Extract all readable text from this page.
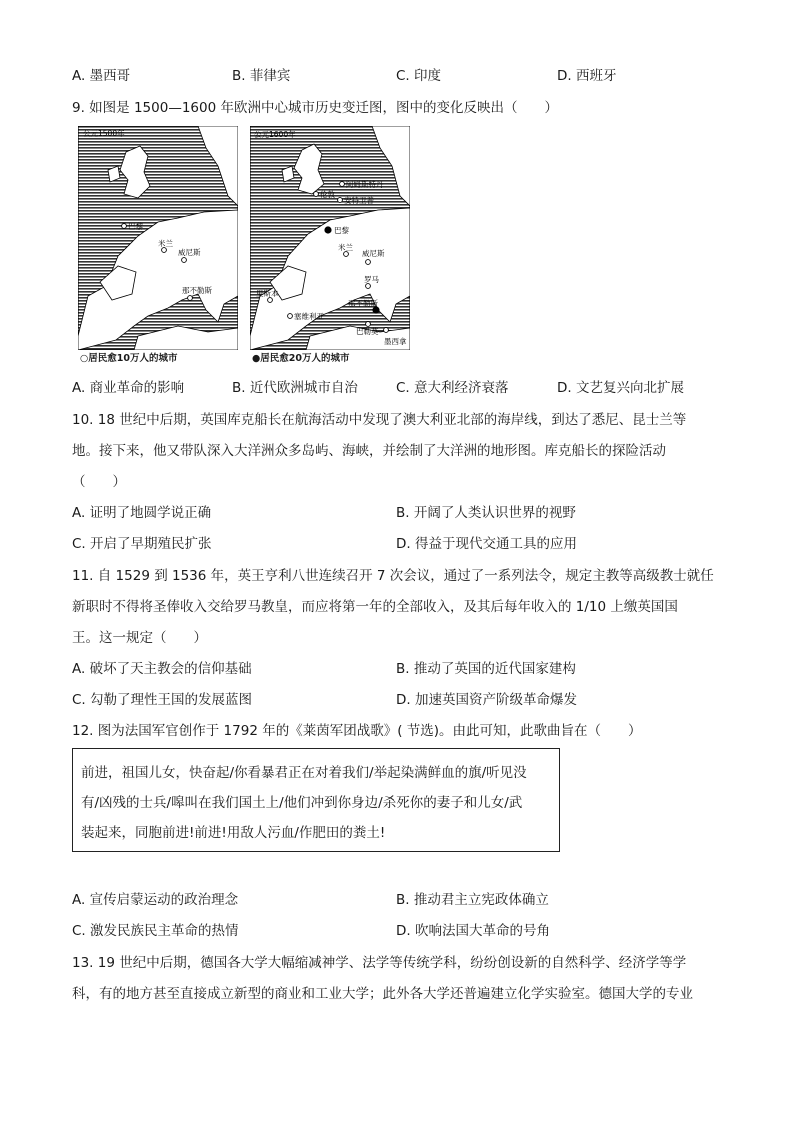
A. 墨西哥	B. 菲律宾	C. 印度	D. 西班牙
9. 如图是 1500—1600 年欧洲中心城市历史变迁图，图中的变化反映出（　　）
公元1500年
巴黎
米兰
威尼斯
那不勒斯
公元1600年
伦敦
阿姆斯特丹
安特卫普
巴黎
米兰
威尼斯
里斯本
塞维利亚
罗马
那不勒斯
巴勒莫
墨西拿
○居民愈10万人的城市	●居民愈20万人的城市
A. 商业革命的影响	B. 近代欧洲城市自治	C. 意大利经济衰落	D. 文艺复兴向北扩展
10. 18 世纪中后期，英国库克船长在航海活动中发现了澳大利亚北部的海岸线，到达了悉尼、昆士兰等
地。接下来，他又带队深入大洋洲众多岛屿、海峡，并绘制了大洋洲的地形图。库克船长的探险活动
（　　）
A. 证明了地圆学说正确	B. 开阔了人类认识世界的视野
C. 开启了早期殖民扩张	D. 得益于现代交通工具的应用
11. 自 1529 到 1536 年，英王亨利八世连续召开 7 次会议，通过了一系列法令，规定主教等高级教士就任
新职时不得将圣俸收入交给罗马教皇，而应将第一年的全部收入，及其后每年收入的 1/10 上缴英国国
王。这一规定（　　）
A. 破坏了天主教会的信仰基础	B. 推动了英国的近代国家建构
C. 勾勒了理性王国的发展蓝图	D. 加速英国资产阶级革命爆发
12. 图为法国军官创作于 1792 年的《莱茵军团战歌》( 节选)。由此可知，此歌曲旨在（　　）
前进，祖国儿女，快奋起/你看暴君正在对着我们/举起染满鲜血的旗/听见没
有/凶残的士兵/嗥叫在我们国土上/他们冲到你身边/杀死你的妻子和儿女/武
装起来，同胞前进!前进!用敌人污血/作肥田的粪土!
A. 宣传启蒙运动的政治理念	B. 推动君主立宪政体确立
C. 激发民族民主革命的热情	D. 吹响法国大革命的号角
13. 19 世纪中后期，德国各大学大幅缩减神学、法学等传统学科，纷纷创设新的自然科学、经济学等学
科，有的地方甚至直接成立新型的商业和工业大学；此外各大学还普遍建立化学实验室。德国大学的专业
